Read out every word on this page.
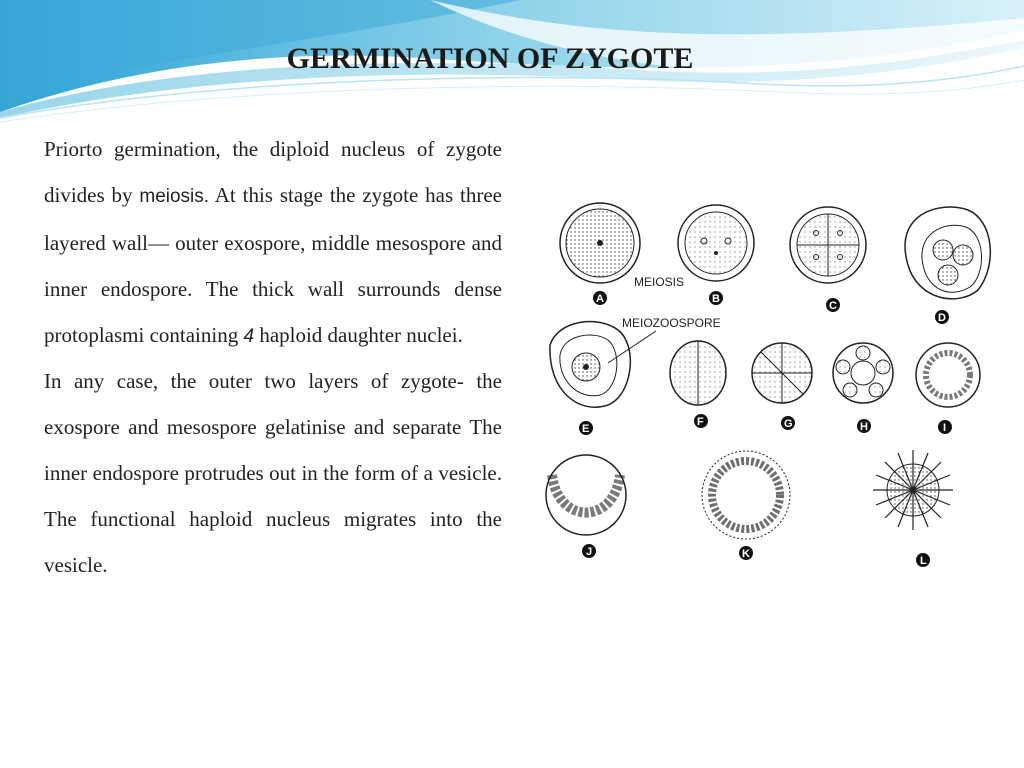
GERMINATION OF ZYGOTE

Priorto germination, the diploid nucleus of zygote divides by meiosis. At this stage the zygote has three layered wall— outer exospore, middle mesospore and inner endospore. The thick wall surrounds dense protoplasmi containing 4 haploid daughter nuclei.

In any case, the outer two layers of zygote- the exospore and mesospore gelatinise and separate The inner endospore protrudes out in the form of a vesicle. The functional haploid nucleus migrates into the vesicle.

MEIOSIS
MEIOZOOSPORE
A	B
C
D
E
F	G	H	I
J	K
L
